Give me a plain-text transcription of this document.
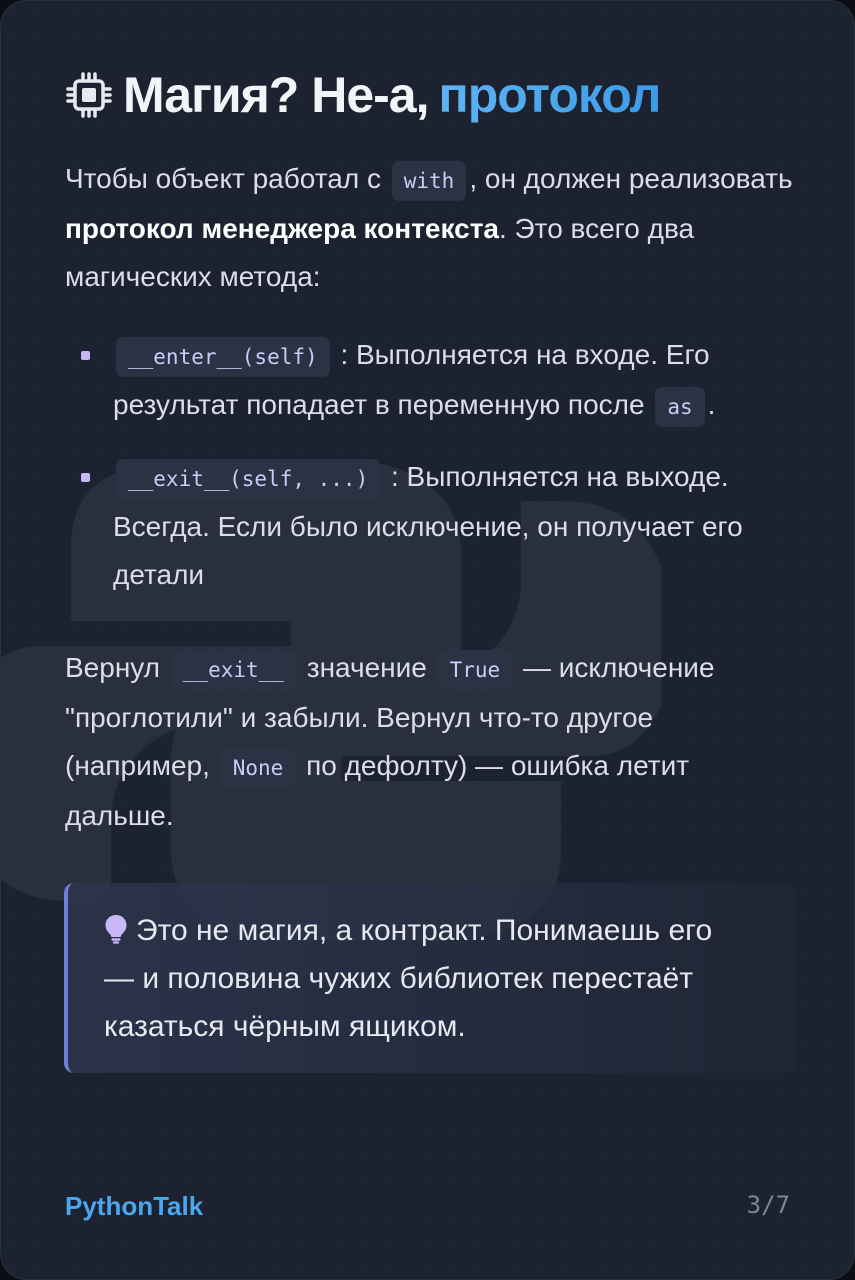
Магия? Не-а, протокол

Чтобы объект работал с with , он должен реализовать протокол менеджера контекста. Это всего два магических метода:

__enter__(self) : Выполняется на входе. Его результат попадает в переменную после as .
__exit__(self, ...) : Выполняется на выходе. Всегда. Если было исключение, он получает его детали

Вернул __exit__ значение True — исключение "проглотили" и забыли. Вернул что-то другое (например, None по дефолту) — ошибка летит дальше.

Это не магия, а контракт. Понимаешь его — и половина чужих библиотек перестаёт казаться чёрным ящиком.
PythonTalk	3/7
